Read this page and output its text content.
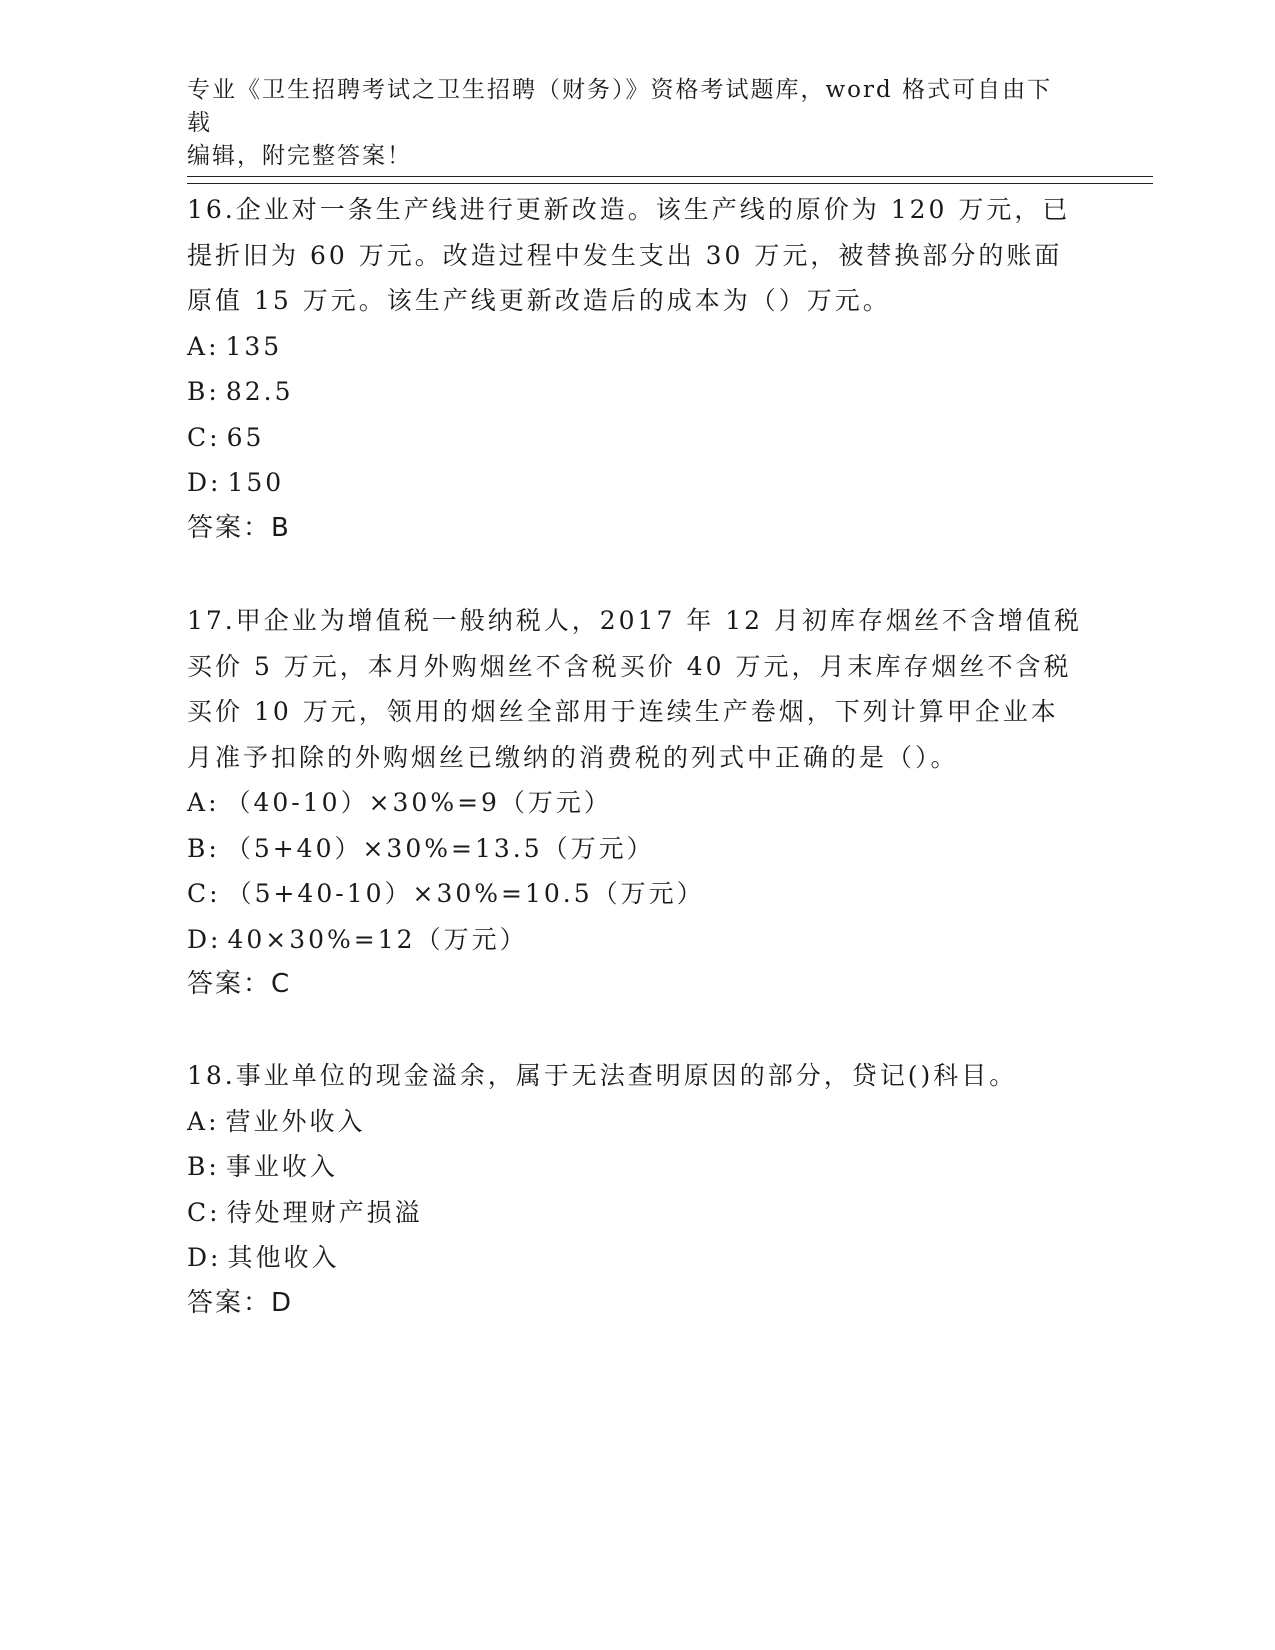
专业《卫生招聘考试之卫生招聘（财务）》资格考试题库，word 格式可自由下载
编辑，附完整答案！
16.企业对一条生产线进行更新改造。该生产线的原价为 120 万元，已
提折旧为 60 万元。改造过程中发生支出 30 万元，被替换部分的账面
原值 15 万元。该生产线更新改造后的成本为（）万元。
A: 135
B: 82.5
C: 65
D: 150
答案：B
17.甲企业为增值税一般纳税人，2017 年 12 月初库存烟丝不含增值税
买价 5 万元，本月外购烟丝不含税买价 40 万元，月末库存烟丝不含税
买价 10 万元，领用的烟丝全部用于连续生产卷烟，下列计算甲企业本
月准予扣除的外购烟丝已缴纳的消费税的列式中正确的是（）。
A: （40-10）×30%=9（万元）
B: （5+40）×30%=13.5（万元）
C: （5+40-10）×30%=10.5（万元）
D: 40×30%=12（万元）
答案：C
18.事业单位的现金溢余，属于无法查明原因的部分，贷记()科目。
A: 营业外收入
B: 事业收入
C: 待处理财产损溢
D: 其他收入
答案：D
